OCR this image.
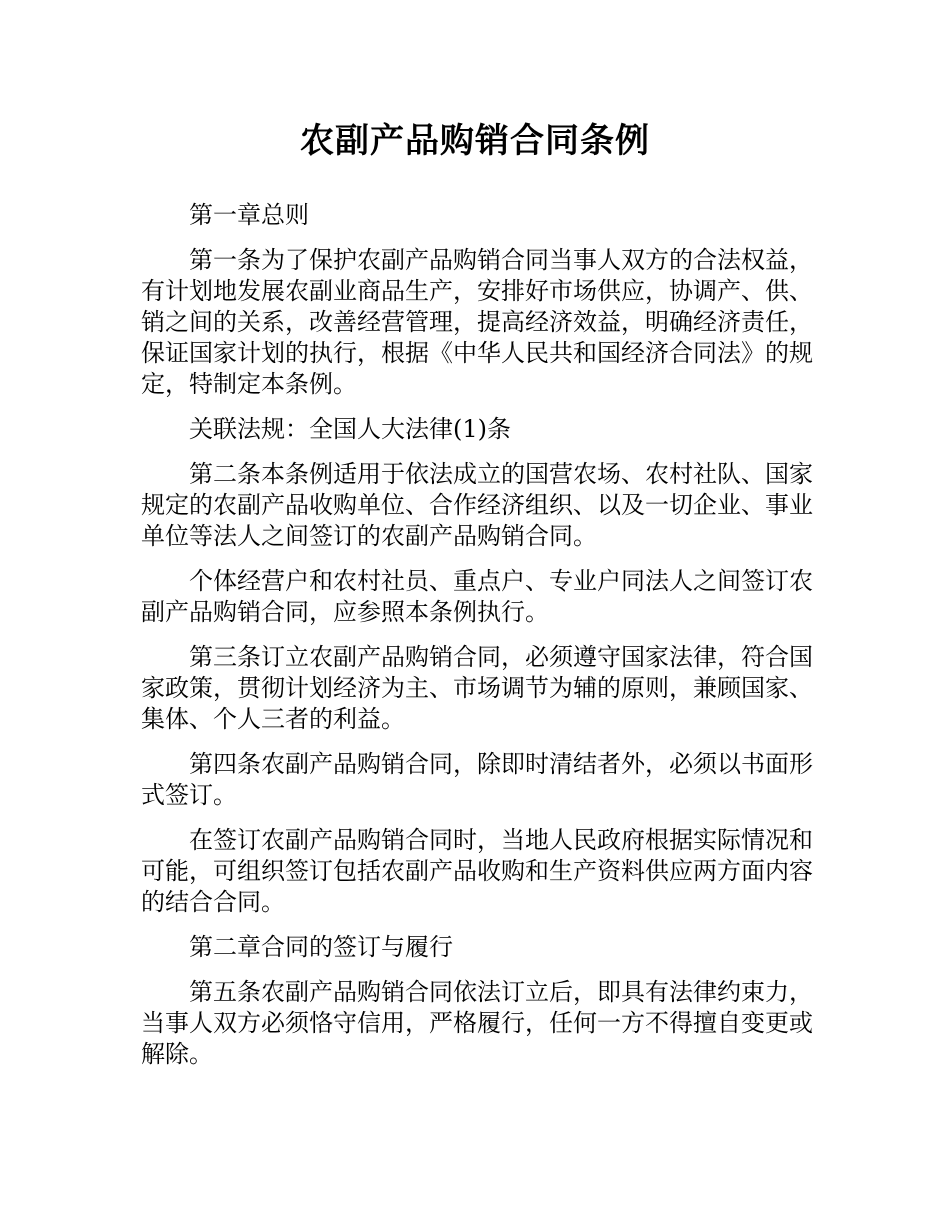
农副产品购销合同条例

第一章总则

第一条为了保护农副产品购销合同当事人双方的合法权益，有计划地发展农副业商品生产，安排好市场供应，协调产、供、销之间的关系，改善经营管理，提高经济效益，明确经济责任，保证国家计划的执行，根据《中华人民共和国经济合同法》的规定，特制定本条例。

关联法规：全国人大法律(1)条

第二条本条例适用于依法成立的国营农场、农村社队、国家规定的农副产品收购单位、合作经济组织、以及一切企业、事业单位等法人之间签订的农副产品购销合同。

个体经营户和农村社员、重点户、专业户同法人之间签订农副产品购销合同，应参照本条例执行。

第三条订立农副产品购销合同，必须遵守国家法律，符合国家政策，贯彻计划经济为主、市场调节为辅的原则，兼顾国家、集体、个人三者的利益。

第四条农副产品购销合同，除即时清结者外，必须以书面形式签订。

在签订农副产品购销合同时，当地人民政府根据实际情况和可能，可组织签订包括农副产品收购和生产资料供应两方面内容的结合合同。

第二章合同的签订与履行

第五条农副产品购销合同依法订立后，即具有法律约束力，当事人双方必须恪守信用，严格履行，任何一方不得擅自变更或解除。
